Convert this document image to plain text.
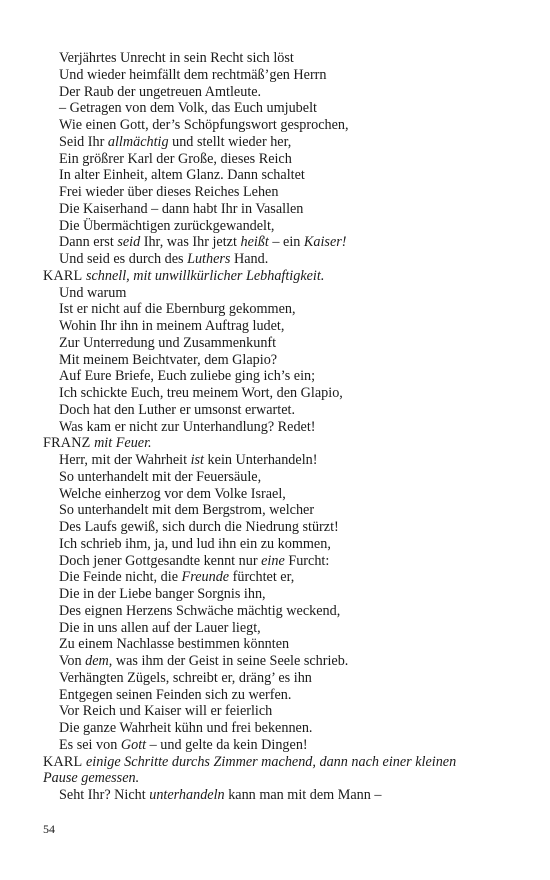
Verjährtes Unrecht in sein Recht sich löst
Und wieder heimfällt dem rechtmäß’gen Herrn
Der Raub der ungetreuen Amtleute.
– Getragen von dem Volk, das Euch umjubelt
Wie einen Gott, der’s Schöpfungswort gesprochen,
Seid Ihr allmächtig und stellt wieder her,
Ein größrer Karl der Große, dieses Reich
In alter Einheit, altem Glanz. Dann schaltet
Frei wieder über dieses Reiches Lehen
Die Kaiserhand – dann habt Ihr in Vasallen
Die Übermächtigen zurückgewandelt,
Dann erst seid Ihr, was Ihr jetzt heißt – ein Kaiser!
Und seid es durch des Luthers Hand.
KARL schnell, mit unwillkürlicher Lebhaftigkeit.
Und warum
Ist er nicht auf die Ebernburg gekommen,
Wohin Ihr ihn in meinem Auftrag ludet,
Zur Unterredung und Zusammenkunft
Mit meinem Beichtvater, dem Glapio?
Auf Eure Briefe, Euch zuliebe ging ich’s ein;
Ich schickte Euch, treu meinem Wort, den Glapio,
Doch hat den Luther er umsonst erwartet.
Was kam er nicht zur Unterhandlung? Redet!
FRANZ mit Feuer.
Herr, mit der Wahrheit ist kein Unterhandeln!
So unterhandelt mit der Feuersäule,
Welche einherzog vor dem Volke Israel,
So unterhandelt mit dem Bergstrom, welcher
Des Laufs gewiß, sich durch die Niedrung stürzt!
Ich schrieb ihm, ja, und lud ihn ein zu kommen,
Doch jener Gottgesandte kennt nur eine Furcht:
Die Feinde nicht, die Freunde fürchtet er,
Die in der Liebe banger Sorgnis ihn,
Des eignen Herzens Schwäche mächtig weckend,
Die in uns allen auf der Lauer liegt,
Zu einem Nachlasse bestimmen könnten
Von dem, was ihm der Geist in seine Seele schrieb.
Verhängten Zügels, schreibt er, dräng’ es ihn
Entgegen seinen Feinden sich zu werfen.
Vor Reich und Kaiser will er feierlich
Die ganze Wahrheit kühn und frei bekennen.
Es sei von Gott – und gelte da kein Dingen!
KARL einige Schritte durchs Zimmer machend, dann nach einer kleinen
Pause gemessen.
Seht Ihr? Nicht unterhandeln kann man mit dem Mann –
54
